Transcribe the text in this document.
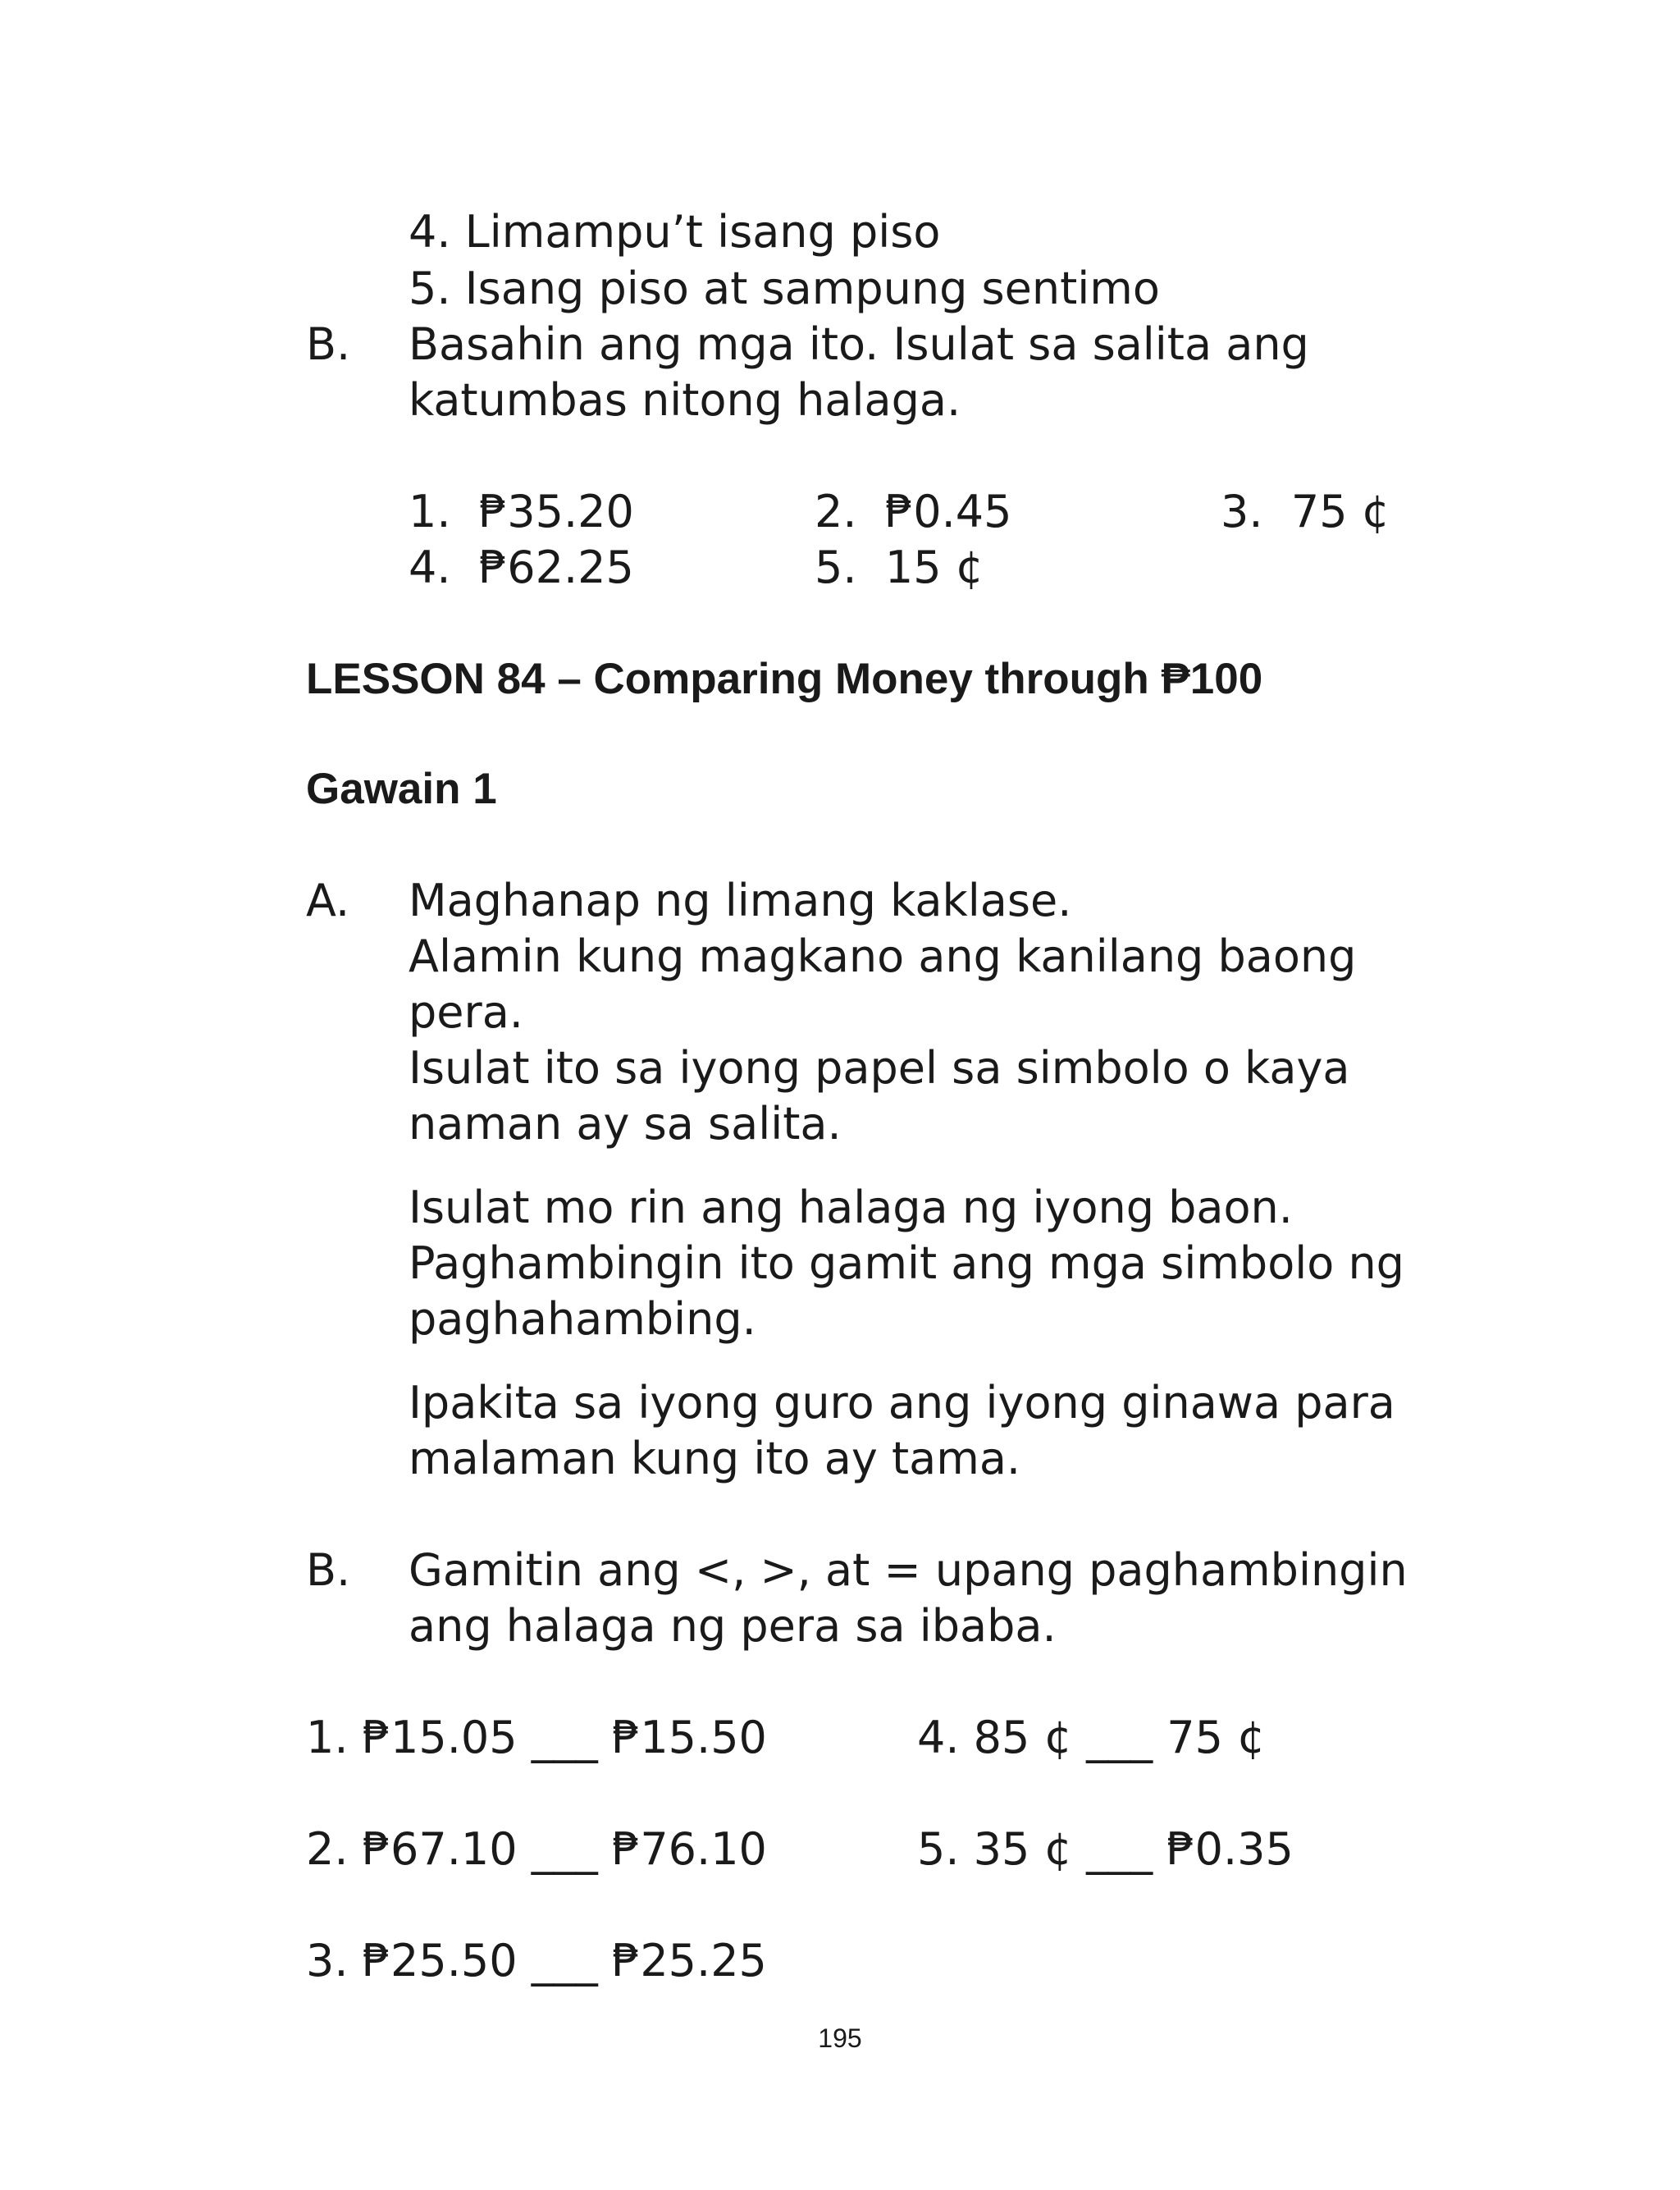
4. Limampu’t isang piso
5. Isang piso at sampung sentimo
B. Basahin ang mga ito. Isulat sa salita ang
katumbas nitong halaga.
1. ₱35.20	2. ₱0.45	3. 75 ¢
4. ₱62.25	5. 15 ¢
LESSON 84 – Comparing Money through ₱100
Gawain 1
A. Maghanap ng limang kaklase.
Alamin kung magkano ang kanilang baong
pera.
Isulat ito sa iyong papel sa simbolo o kaya
naman ay sa salita.
Isulat mo rin ang halaga ng iyong baon.
Paghambingin ito gamit ang mga simbolo ng
paghahambing.
Ipakita sa iyong guro ang iyong ginawa para
malaman kung ito ay tama.
B. Gamitin ang <, >, at = upang paghambingin
ang halaga ng pera sa ibaba.
1. ₱15.05 ___ ₱15.50	4. 85 ¢ ___ 75 ¢
2. ₱67.10 ___ ₱76.10	5. 35 ¢ ___ ₱0.35
3. ₱25.50 ___ ₱25.25
195
